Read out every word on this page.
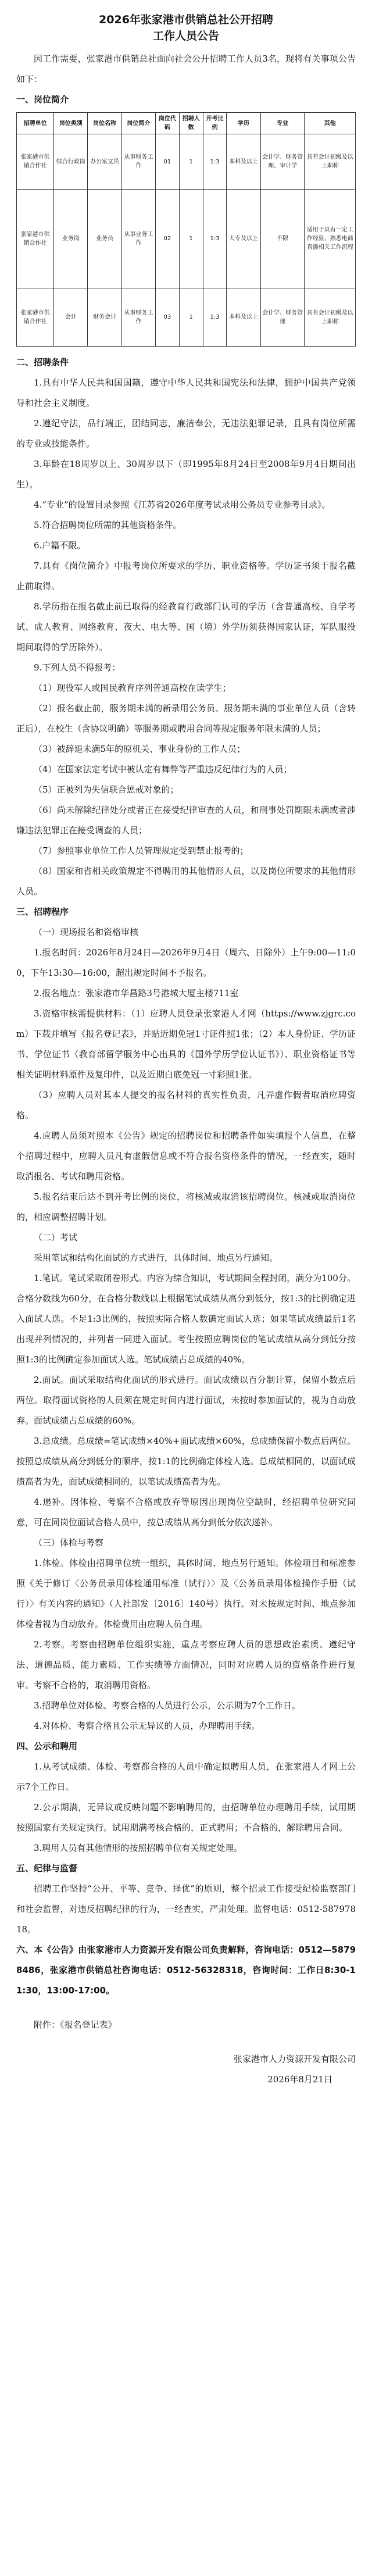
2026年张家港市供销总社公开招聘
工作人员公告

因工作需要，张家港市供销总社面向社会公开招聘工作人员3名，现将有关事项公告如下：

一、岗位简介
招聘单位	岗位类别	岗位名称	岗位简介	岗位代码	招聘人数	开考比例	学历	专业	其他
张家港市供销合作社	综合行政岗	办公室文员	从事财务工作	01	1	1:3	本科及以上	会计学、财务管理、审计学	具有会计初级及以上职称
张家港市供销合作社	业务岗	业务员	从事业务工作	02	1	1:3	大专及以上	不限	适用于具有一定工作经验，熟悉电商直播相关工作流程
张家港市供销合作社	会计	财务会计	从事财务工作	03	1	1:3	本科及以上	会计学、财务管理	具有会计初级及以上职称
二、招聘条件

1.具有中华人民共和国国籍，遵守中华人民共和国宪法和法律，拥护中国共产党领导和社会主义制度。

2.遵纪守法，品行端正，团结同志，廉洁奉公，无违法犯罪记录，且具有岗位所需的专业或技能条件。

3.年龄在18周岁以上、30周岁以下（即1995年8月24日至2008年9月4日期间出生）。

4.“专业”的设置目录参照《江苏省2026年度考试录用公务员专业参考目录》。

5.符合招聘岗位所需的其他资格条件。

6.户籍不限。

7.具有《岗位简介》中报考岗位所要求的学历、职业资格等。学历证书须于报名截止前取得。

8.学历指在报名截止前已取得的经教育行政部门认可的学历（含普通高校、自学考试、成人教育、网络教育、夜大、电大等、国（境）外学历须获得国家认证，军队服役期间取得的学历除外）。

9.下列人员不得报考：

（1）现役军人或国民教育序列普通高校在读学生；

（2）报名截止前，服务期未满的新录用公务员、服务期未满的事业单位人员（含转正后），在校生（含协议明确）等服务期或聘用合同等规定服务年限未满的人员；

（3）被辞退未满5年的原机关、事业身份的工作人员；

（4）在国家法定考试中被认定有舞弊等严重违反纪律行为的人员；

（5）正被列为失信联合惩戒对象的；

（6）尚未解除纪律处分或者正在接受纪律审查的人员，和刑事处罚期限未满或者涉嫌违法犯罪正在接受调查的人员；

（7）参照事业单位工作人员管理规定受到禁止报考的；

（8）国家和省相关政策规定不得聘用的其他情形人员，以及岗位所要求的其他情形人员。

三、招聘程序

（一）现场报名和资格审核

1.报名时间：2026年8月24日—2026年9月4日（周六、日除外）上午9:00—11:00，下午13:30—16:00，超出规定时间不予报名。

2.报名地点：张家港市华昌路3号港城大厦主楼711室

3.资格审核需提供材料：（1）应聘人员登录张家港人才网（https://www.zjgrc.com）下载并填写《报名登记表》，并贴近期免冠1寸证件照1张；（2）本人身份证、学历证书、学位证书（教育部留学服务中心出具的《国外学历学位认证书》）、职业资格证书等相关证明材料原件及复印件，以及近期白底免冠一寸彩照1张。

（3）应聘人员对其本人提交的报名材料的真实性负责，凡弄虚作假者取消应聘资格。

4.应聘人员须对照本《公告》规定的招聘岗位和招聘条件如实填报个人信息，在整个招聘过程中，应聘人员凡有虚假信息或不符合报名资格条件的情况，一经查实，随时取消报名、考试和聘用资格。

5.报名结束后达不到开考比例的岗位，将核减或取消该招聘岗位。核减或取消岗位的，相应调整招聘计划。

（二）考试

采用笔试和结构化面试的方式进行，具体时间、地点另行通知。

1.笔试。笔试采取闭卷形式。内容为综合知识，考试期间全程封闭，满分为100分。合格分数线为60分，在合格分数线以上根据笔试成绩从高分到低分，按1:3的比例确定进入面试人选。不足1:3比例的，按照实际合格人数确定面试人选；如果笔试成绩最后1名出现并列情况的，并列者一同进入面试。考生按照应聘岗位的笔试成绩从高分到低分按照1:3的比例确定参加面试人选。笔试成绩占总成绩的40%。

2.面试。面试采取结构化面试的形式进行。面试成绩以百分制计算，保留小数点后两位。取得面试资格的人员须在规定时间内进行面试，未按时参加面试的，视为自动放弃。面试成绩占总成绩的60%。

3.总成绩。总成绩=笔试成绩×40%+面试成绩×60%，总成绩保留小数点后两位。按照总成绩从高分到低分的顺序，按1:1的比例确定体检人选。总成绩相同的，以面试成绩高者为先，面试成绩相同的，以笔试成绩高者为先。

4.递补。因体检、考察不合格或放弃等原因出现岗位空缺时，经招聘单位研究同意，可在同岗位面试合格人员中，按总成绩从高分到低分依次递补。

（三）体检与考察

1.体检。体检由招聘单位统一组织，具体时间、地点另行通知。体检项目和标准参照《关于修订〈公务员录用体检通用标准（试行）〉及〈公务员录用体检操作手册（试行）〉有关内容的通知》（人社部发〔2016〕140号）执行。对未按规定时间、地点参加体检者视为自动放弃。体检费用由应聘人员自理。

2.考察。考察由招聘单位组织实施，重点考察应聘人员的思想政治素质、遵纪守法、道德品质、能力素质、工作实绩等方面情况，同时对应聘人员的资格条件进行复审。考察不合格的，取消聘用资格。

3.招聘单位对体检、考察合格的人员进行公示，公示期为7个工作日。

4.对体检、考察合格且公示无异议的人员，办理聘用手续。

四、公示和聘用

1.从考试成绩、体检、考察都合格的人员中确定拟聘用人员，在张家港人才网上公示7个工作日。

2.公示期满，无异议或反映问题不影响聘用的，由招聘单位办理聘用手续，试用期按照国家有关规定执行。试用期满考核合格的，正式聘用；不合格的，解除聘用合同。

3.聘用人员有其他情形的按照招聘单位有关规定处理。

五、纪律与监督

招聘工作坚持“公开、平等、竞争、择优”的原则，整个招录工作接受纪检监察部门和社会监督，对违反招聘纪律的行为，一经查实，严肃处理。监督电话：0512-58797818。

六、本《公告》由张家港市人力资源开发有限公司负责解释，咨询电话：0512—58798486，张家港市供销总社咨询电话：0512-56328318，咨询时间：工作日8:30-11:30，13:00-17:00。

附件：《报名登记表》

张家港市人力资源开发有限公司

2026年8月21日
